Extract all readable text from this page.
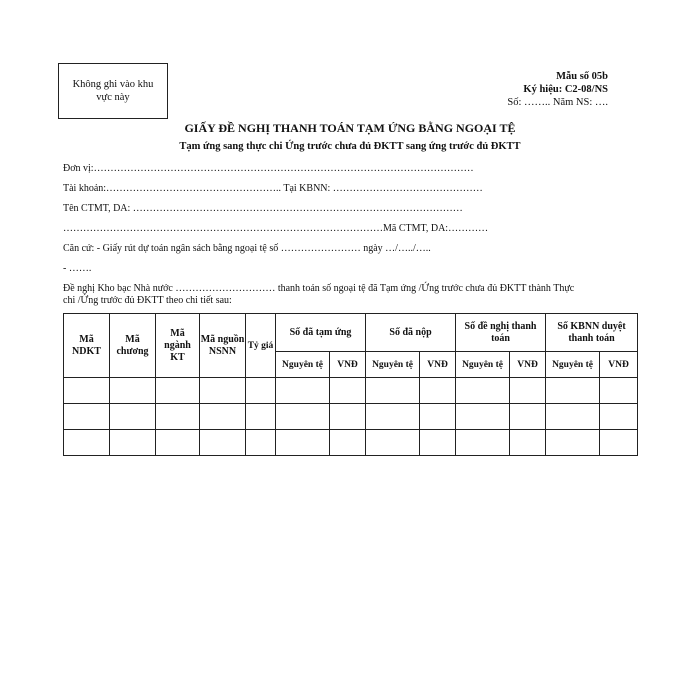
Không ghi vào khu
vực này
Mẫu số 05b
Ký hiệu: C2-08/NS
Số: …….. Năm NS: ….
GIẤY ĐỀ NGHỊ THANH TOÁN TẠM ỨNG BẰNG NGOẠI TỆ
Tạm ứng sang thực chi Ứng trước chưa đủ ĐKTT sang ứng trước đủ ĐKTT
Đơn vị:……………………………………………………………………………………………………
Tài khoản:…………………………………………….. Tại KBNN: ………………………………………
Tên CTMT, DA: ………………………………………………………………………………………
……………………………………………………………………………………Mã CTMT, DA:…………
Căn cứ: - Giấy rút dự toán ngân sách bằng ngoại tệ số …………………… ngày …/…../…..
- …….
Đề nghị Kho bạc Nhà nước ………………………… thanh toán số ngoại tệ đã Tạm ứng /Ứng trước chưa đủ ĐKTT thành Thực
chi /Ứng trước đủ ĐKTT theo chi tiết sau:
Mã NDKT	Mã chương	Mã ngành KT	Mã nguồn NSNN	Tỷ giá	Số đã tạm ứng		Số đã nộp		Số đề nghị thanh toán		Số KBNN duyệt thanh toán	
					Nguyên tệ	VNĐ	Nguyên tệ	VNĐ	Nguyên tệ	VNĐ	Nguyên tệ	VNĐ
